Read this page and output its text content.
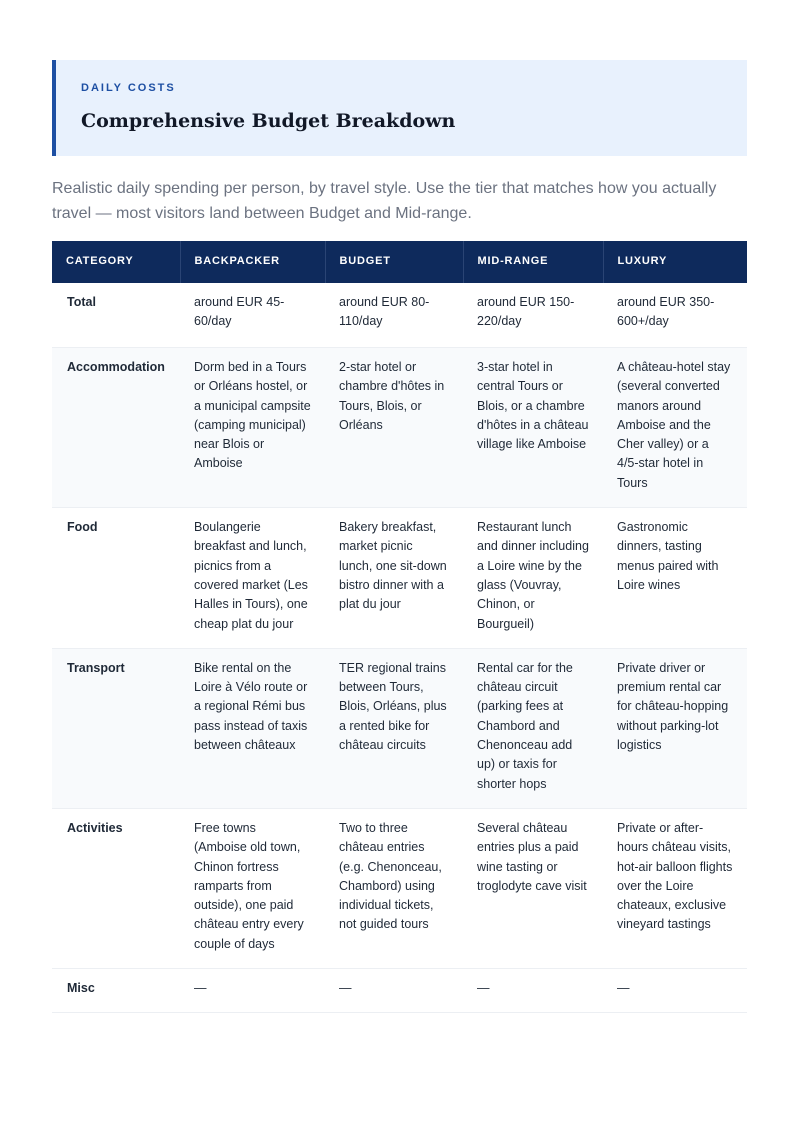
DAILY COSTS
Comprehensive Budget Breakdown

Realistic daily spending per person, by travel style. Use the tier that matches how you actually travel — most visitors land between Budget and Mid-range.

CATEGORY	BACKPACKER	BUDGET	MID-RANGE	LUXURY
Total	around EUR 45-60/day	around EUR 80-110/day	around EUR 150-220/day	around EUR 350-600+/day
Accommodation	Dorm bed in a Tours or Orléans hostel, or a municipal campsite (camping municipal) near Blois or Amboise	2-star hotel or chambre d'hôtes in Tours, Blois, or Orléans	3-star hotel in central Tours or Blois, or a chambre d'hôtes in a château village like Amboise	A château-hotel stay (several converted manors around Amboise and the Cher valley) or a 4/5-star hotel in Tours
Food	Boulangerie breakfast and lunch, picnics from a covered market (Les Halles in Tours), one cheap plat du jour	Bakery breakfast, market picnic lunch, one sit-down bistro dinner with a plat du jour	Restaurant lunch and dinner including a Loire wine by the glass (Vouvray, Chinon, or Bourgueil)	Gastronomic dinners, tasting menus paired with Loire wines
Transport	Bike rental on the Loire à Vélo route or a regional Rémi bus pass instead of taxis between châteaux	TER regional trains between Tours, Blois, Orléans, plus a rented bike for château circuits	Rental car for the château circuit (parking fees at Chambord and Chenonceau add up) or taxis for shorter hops	Private driver or premium rental car for château-hopping without parking-lot logistics
Activities	Free towns (Amboise old town, Chinon fortress ramparts from outside), one paid château entry every couple of days	Two to three château entries (e.g. Chenonceau, Chambord) using individual tickets, not guided tours	Several château entries plus a paid wine tasting or troglodyte cave visit	Private or after-hours château visits, hot-air balloon flights over the Loire chateaux, exclusive vineyard tastings
Misc	—	—	—	—
